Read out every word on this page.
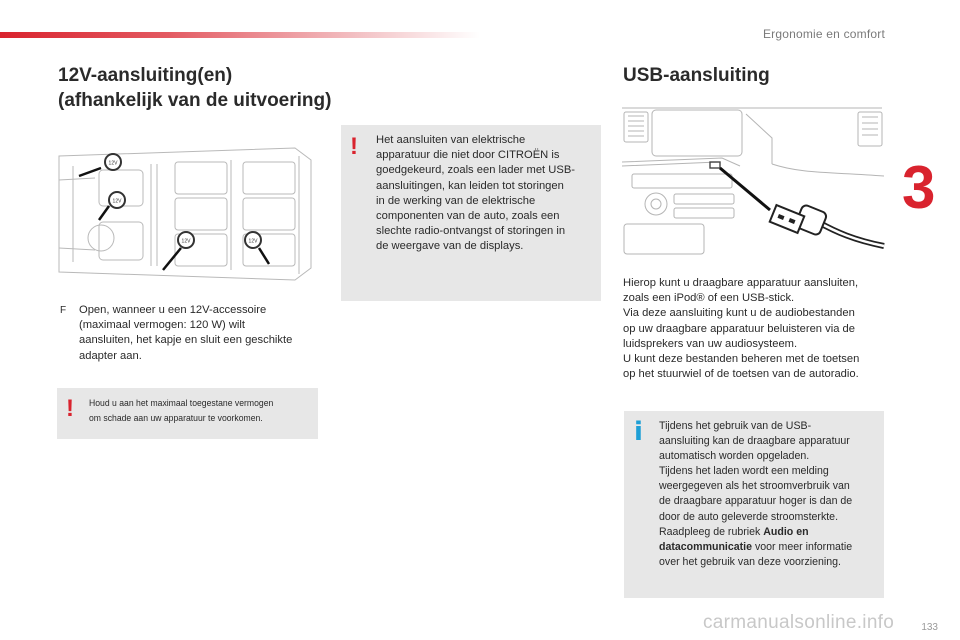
Ergonomie en comfort
3
12V-aansluiting(en)
(afhankelijk van de uitvoering)
12V
12V
12V	12V
F Open, wanneer u een 12V-accessoire
(maximaal vermogen: 120 W) wilt
aansluiten, het kapje en sluit een geschikte
adapter aan.
! Houd u aan het maximaal toegestane vermogen
om schade aan uw apparatuur te voorkomen.
! Het aansluiten van elektrische
apparatuur die niet door CITROËN is
goedgekeurd, zoals een lader met USB-
aansluitingen, kan leiden tot storingen
in de werking van de elektrische
componenten van de auto, zoals een
slechte radio-ontvangst of storingen in
de weergave van de displays.
USB-aansluiting
Hierop kunt u draagbare apparatuur aansluiten,
zoals een iPod® of een USB-stick.
Via deze aansluiting kunt u de audiobestanden
op uw draagbare apparatuur beluisteren via de
luidsprekers van uw audiosysteem.
U kunt deze bestanden beheren met de toetsen
op het stuurwiel of de toetsen van de autoradio.
i Tijdens het gebruik van de USB-
aansluiting kan de draagbare apparatuur
automatisch worden opgeladen.
Tijdens het laden wordt een melding
weergegeven als het stroomverbruik van
de draagbare apparatuur hoger is dan de
door de auto geleverde stroomsterkte.
Raadpleeg de rubriek Audio en
datacommunicatie voor meer informatie
over het gebruik van deze voorziening.
carmanualsonline.info	133
